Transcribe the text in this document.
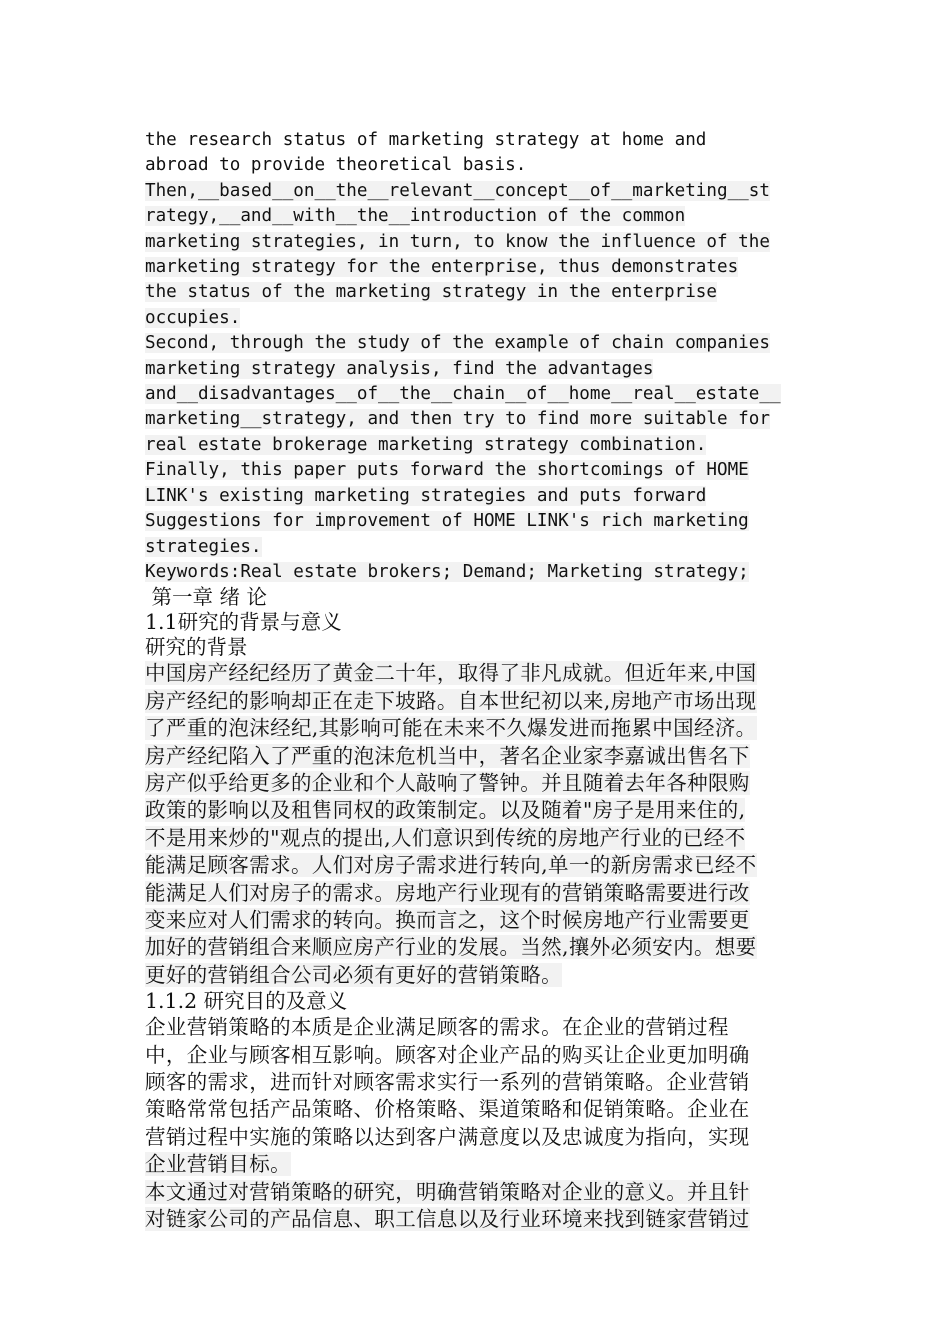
the research status of marketing strategy at home and
abroad to provide theoretical basis.
Then,__based__on__the__relevant__concept__of__marketing__st
rategy,__and__with__the__introduction of the common
marketing strategies, in turn, to know the influence of the
marketing strategy for the enterprise, thus demonstrates
the status of the marketing strategy in the enterprise
occupies.
Second, through the study of the example of chain companies
marketing strategy analysis, find the advantages
and__disadvantages__of__the__chain__of__home__real__estate__
marketing__strategy, and then try to find more suitable for
real estate brokerage marketing strategy combination.
Finally, this paper puts forward the shortcomings of HOME
LINK's existing marketing strategies and puts forward
Suggestions for improvement of HOME LINK's rich marketing
strategies.
Keywords:Real estate brokers; Demand; Marketing strategy;
第一章 绪 论
1.1研究的背景与意义
研究的背景
中国房产经纪经历了黄金二十年，取得了非凡成就。但近年来,中国
房产经纪的影响却正在走下坡路。自本世纪初以来,房地产市场出现
了严重的泡沫经纪,其影响可能在未来不久爆发进而拖累中国经济。
房产经纪陷入了严重的泡沫危机当中，著名企业家李嘉诚出售名下
房产似乎给更多的企业和个人敲响了警钟。并且随着去年各种限购
政策的影响以及租售同权的政策制定。以及随着"房子是用来住的,
不是用来炒的"观点的提出,人们意识到传统的房地产行业的已经不
能满足顾客需求。人们对房子需求进行转向,单一的新房需求已经不
能满足人们对房子的需求。房地产行业现有的营销策略需要进行改
变来应对人们需求的转向。换而言之，这个时候房地产行业需要更
加好的营销组合来顺应房产行业的发展。当然,攘外必须安内。想要
更好的营销组合公司必须有更好的营销策略。
1.1.2 研究目的及意义
企业营销策略的本质是企业满足顾客的需求。在企业的营销过程
中，企业与顾客相互影响。顾客对企业产品的购买让企业更加明确
顾客的需求，进而针对顾客需求实行一系列的营销策略。企业营销
策略常常包括产品策略、价格策略、渠道策略和促销策略。企业在
营销过程中实施的策略以达到客户满意度以及忠诚度为指向，实现
企业营销目标。
本文通过对营销策略的研究，明确营销策略对企业的意义。并且针
对链家公司的产品信息、职工信息以及行业环境来找到链家营销过
